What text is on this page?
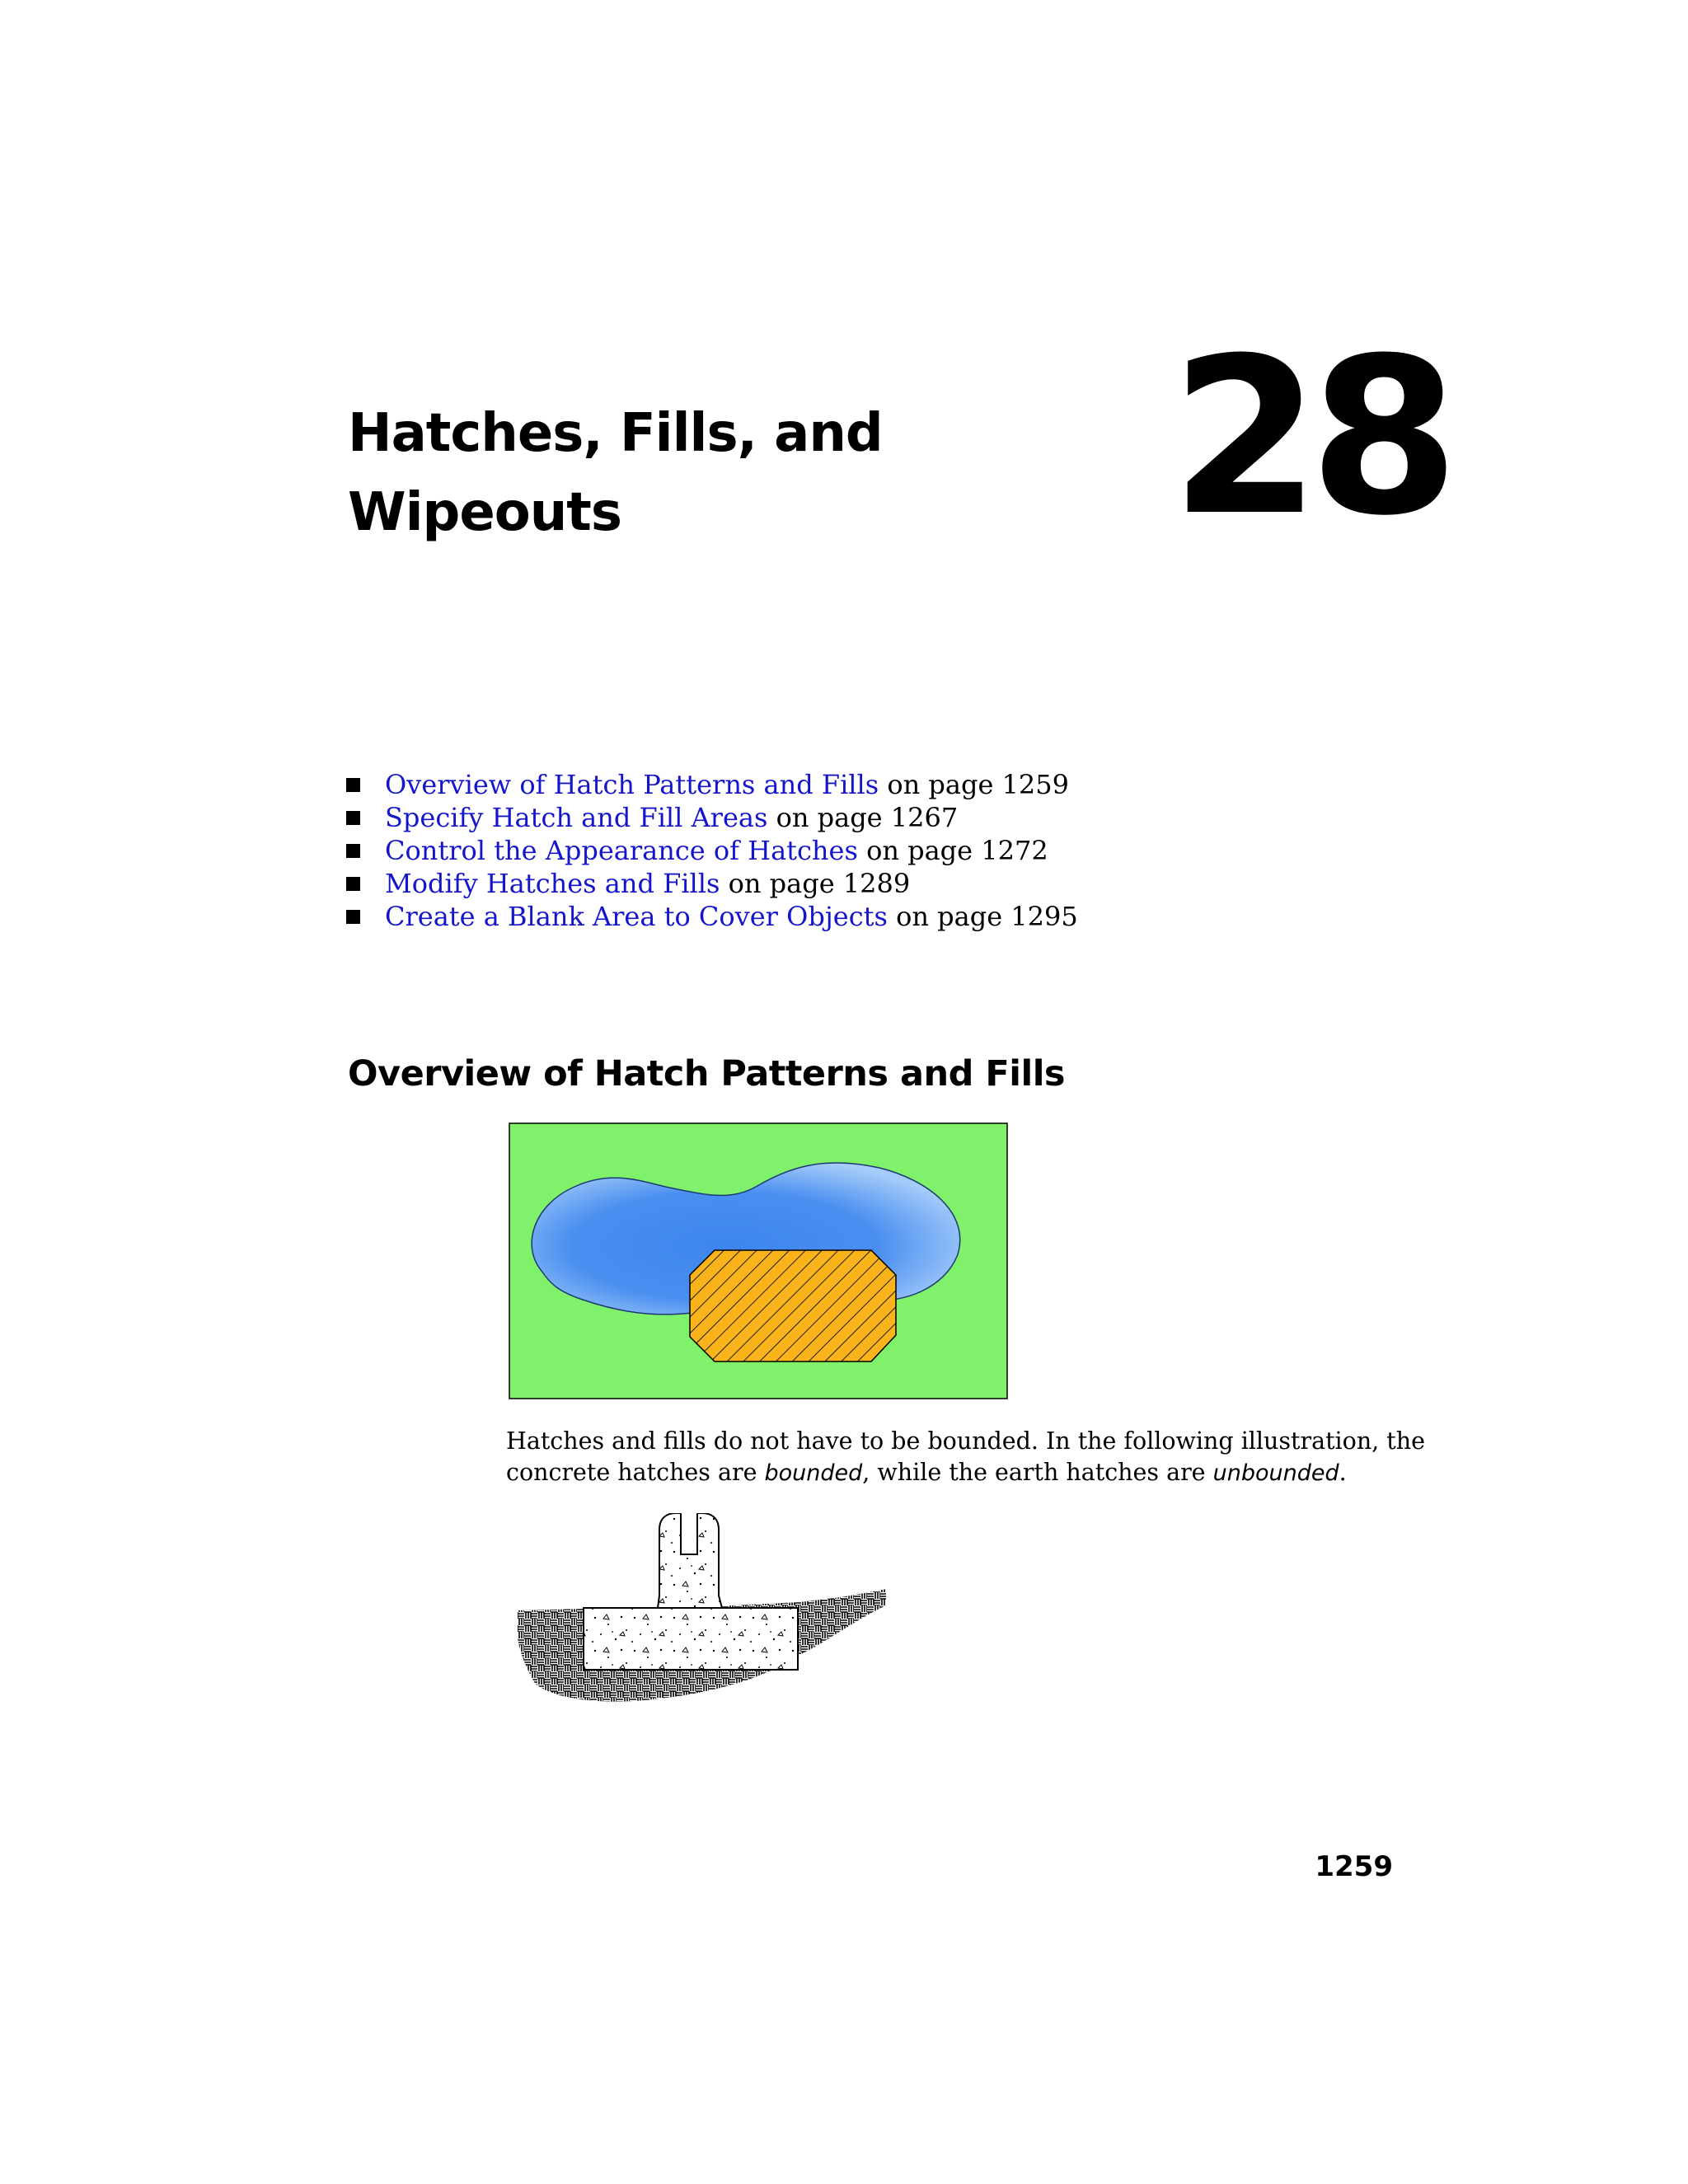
Hatches, Fills, and
Wipeouts	28
Overview of Hatch Patterns and Fills on page 1259
Specify Hatch and Fill Areas on page 1267
Control the Appearance of Hatches on page 1272
Modify Hatches and Fills on page 1289
Create a Blank Area to Cover Objects on page 1295
Overview of Hatch Patterns and Fills

Hatches and fills do not have to be bounded. In the following illustration, the concrete hatches are bounded, while the earth hatches are unbounded.

1259
